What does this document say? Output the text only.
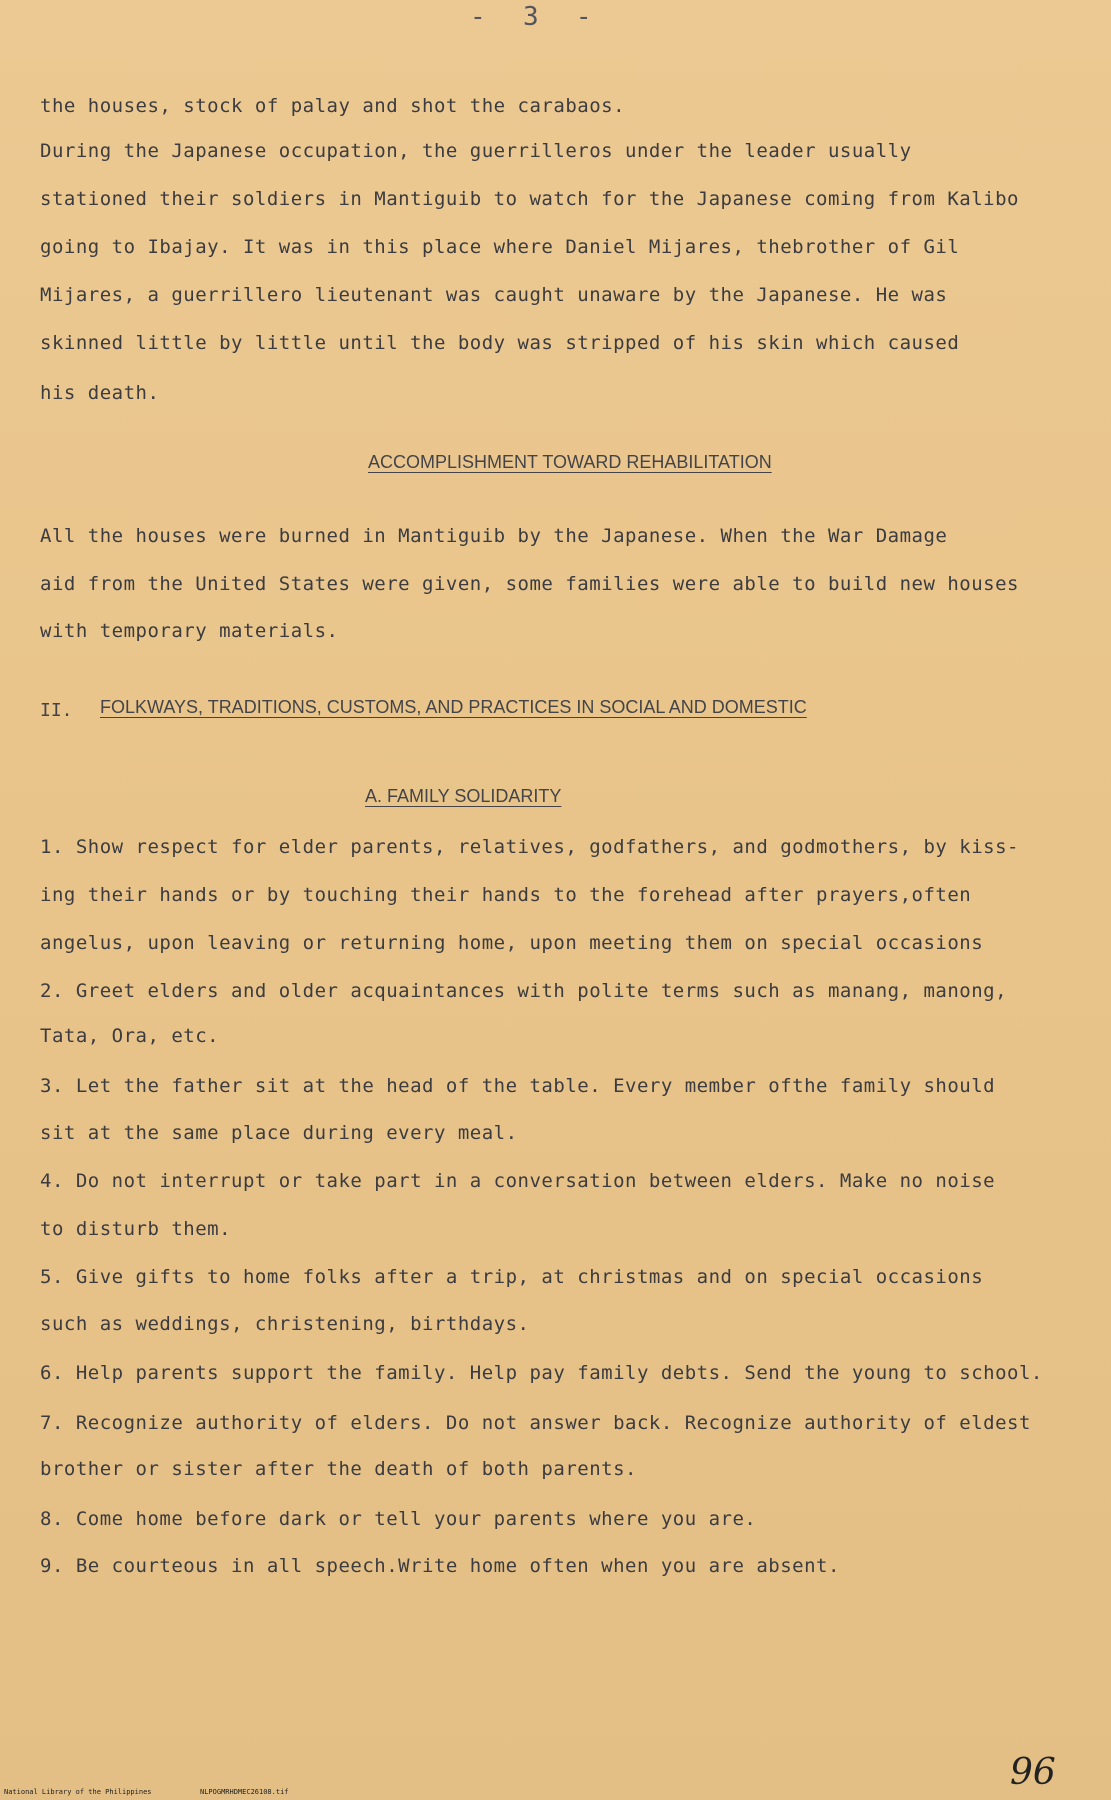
-  3  -
the houses, stock of palay and shot the carabaos.
During the Japanese occupation, the guerrilleros under the leader usually
stationed their soldiers in Mantiguib to watch for the Japanese coming from Kalibo
going to Ibajay. It was in this place where Daniel Mijares, thebrother of Gil
Mijares, a guerrillero lieutenant was caught unaware by the Japanese. He was
skinned little by little until the body was stripped of his skin which caused
his death.
ACCOMPLISHMENT TOWARD REHABILITATION
All the houses were burned in Mantiguib by the Japanese. When the War Damage
aid from the United States were given, some families were able to build new houses
with temporary materials.
II. FOLKWAYS, TRADITIONS, CUSTOMS, AND PRACTICES IN SOCIAL AND DOMESTIC
A. FAMILY SOLIDARITY
1. Show respect for elder parents, relatives, godfathers, and godmothers, by kiss-
ing their hands or by touching their hands to the forehead after prayers,often
angelus, upon leaving or returning home, upon meeting them on special occasions
2. Greet elders and older acquaintances with polite terms such as manang, manong,
Tata, Ora, etc.
3. Let the father sit at the head of the table. Every member ofthe family should
sit at the same place during every meal.
4. Do not interrupt or take part in a conversation between elders. Make no noise
to disturb them.
5. Give gifts to home folks after a trip, at christmas and on special occasions
such as weddings, christening, birthdays.
6. Help parents support the family. Help pay family debts. Send the young to school.
7. Recognize authority of elders. Do not answer back. Recognize authority of eldest
brother or sister after the death of both parents.
8. Come home before dark or tell your parents where you are.
9. Be courteous in all speech.Write home often when you are absent.
National Library of the Philippines	NLPOGMRHDMEC26108.tif	96
